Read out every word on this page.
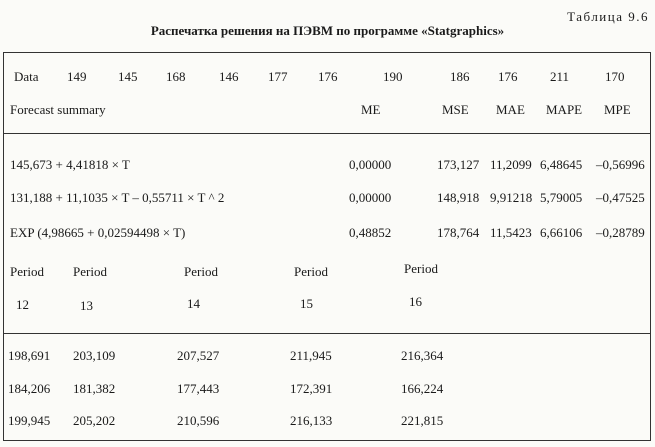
Таблица 9.6
Распечатка решения на ПЭВМ по программе «Statgraphics»
Data 149 145 168	146 177 176	190	186 176	211	170
Forecast summary	ME	MSE MAE MAPE MPE
145,673 + 4,41818 × T	0,00000	173,127 11,2099 6,48645 –0,56996
131,188 + 11,1035 × T – 0,55711 × T ^ 2	0,00000	148,918 9,91218 5,79005 –0,47525
EXP (4,98665 + 0,02594498 × T)	0,48852	178,764 11,5423 6,66106 –0,28789
Period Period	Period	Period	Period
12	13	14	15	16
198,691 203,109	207,527	211,945	216,364
184,206 181,382	177,443	172,391	166,224
199,945 205,202	210,596	216,133	221,815
